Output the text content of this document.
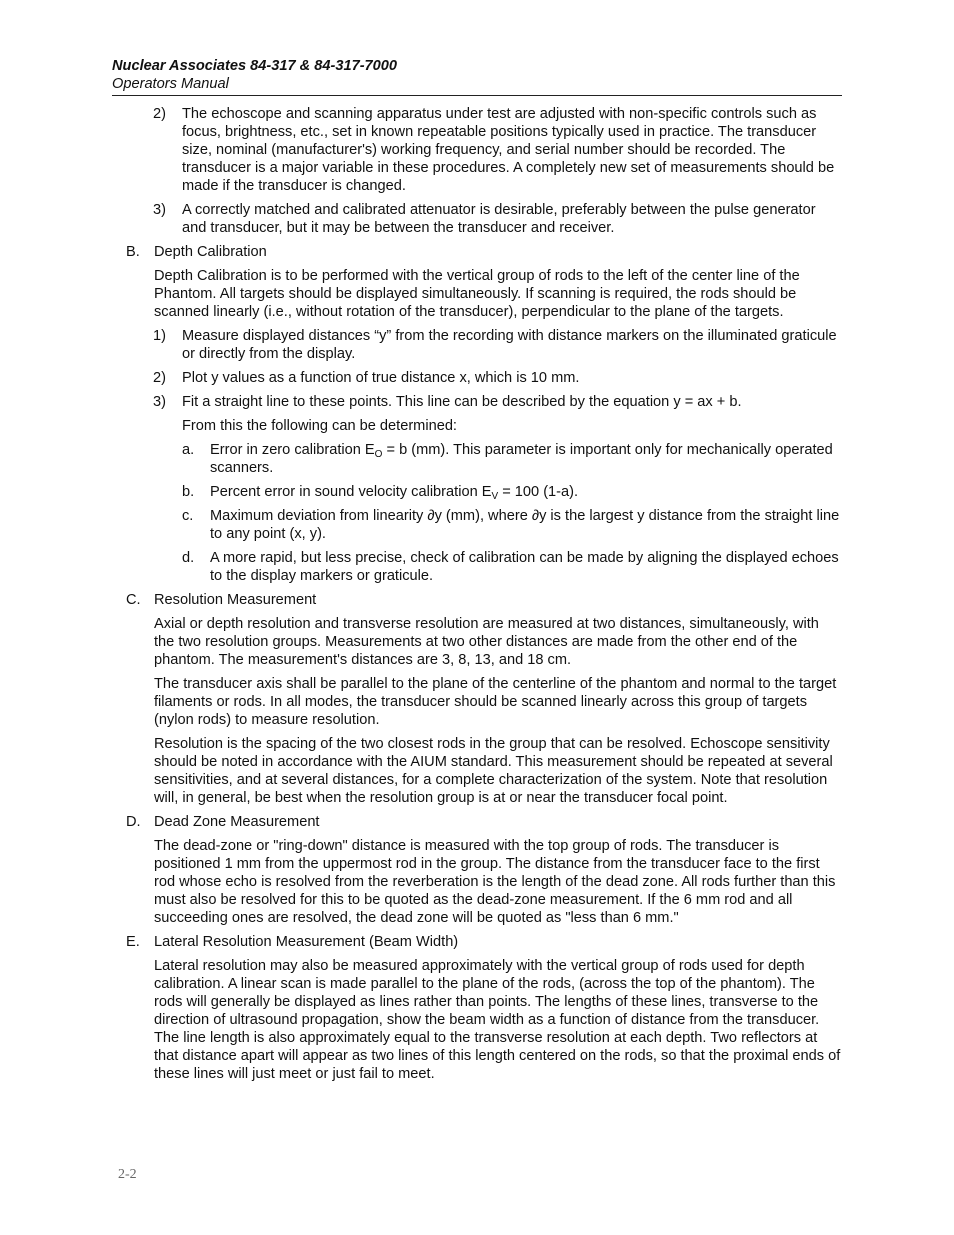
Nuclear Associates 84-317 & 84-317-7000
Operators Manual
2) The echoscope and scanning apparatus under test are adjusted with non-specific controls such as focus, brightness, etc., set in known repeatable positions typically used in practice. The transducer size, nominal (manufacturer's) working frequency, and serial number should be recorded. The transducer is a major variable in these procedures. A completely new set of measurements should be made if the transducer is changed.
3) A correctly matched and calibrated attenuator is desirable, preferably between the pulse generator and transducer, but it may be between the transducer and receiver.
B. Depth Calibration
Depth Calibration is to be performed with the vertical group of rods to the left of the center line of the Phantom. All targets should be displayed simultaneously. If scanning is required, the rods should be scanned linearly (i.e., without rotation of the transducer), perpendicular to the plane of the targets.
1) Measure displayed distances “y” from the recording with distance markers on the illuminated graticule or directly from the display.
2) Plot y values as a function of true distance x, which is 10 mm.
3) Fit a straight line to these points. This line can be described by the equation y = ax + b.
From this the following can be determined:
a. Error in zero calibration $E_O = b$ (mm). This parameter is important only for mechanically operated scanners.
b. Percent error in sound velocity calibration $E_V = 100$ (1-a).
c. Maximum deviation from linearity ∂y (mm), where ∂y is the largest y distance from the straight line to any point (x, y).
d. A more rapid, but less precise, check of calibration can be made by aligning the displayed echoes to the display markers or graticule.
C. Resolution Measurement
Axial or depth resolution and transverse resolution are measured at two distances, simultaneously, with the two resolution groups. Measurements at two other distances are made from the other end of the phantom. The measurement's distances are 3, 8, 13, and 18 cm.
The transducer axis shall be parallel to the plane of the centerline of the phantom and normal to the target filaments or rods. In all modes, the transducer should be scanned linearly across this group of targets (nylon rods) to measure resolution.
Resolution is the spacing of the two closest rods in the group that can be resolved. Echoscope sensitivity should be noted in accordance with the AIUM standard. This measurement should be repeated at several sensitivities, and at several distances, for a complete characterization of the system. Note that resolution will, in general, be best when the resolution group is at or near the transducer focal point.
D. Dead Zone Measurement
The dead-zone or "ring-down" distance is measured with the top group of rods. The transducer is positioned 1 mm from the uppermost rod in the group. The distance from the transducer face to the first rod whose echo is resolved from the reverberation is the length of the dead zone. All rods further than this must also be resolved for this to be quoted as the dead-zone measurement. If the 6 mm rod and all succeeding ones are resolved, the dead zone will be quoted as "less than 6 mm."
E. Lateral Resolution Measurement (Beam Width)
Lateral resolution may also be measured approximately with the vertical group of rods used for depth calibration. A linear scan is made parallel to the plane of the rods, (across the top of the phantom). The rods will generally be displayed as lines rather than points. The lengths of these lines, transverse to the direction of ultrasound propagation, show the beam width as a function of distance from the transducer. The line length is also approximately equal to the transverse resolution at each depth. Two reflectors at that distance apart will appear as two lines of this length centered on the rods, so that the proximal ends of these lines will just meet or just fail to meet.
2-2
